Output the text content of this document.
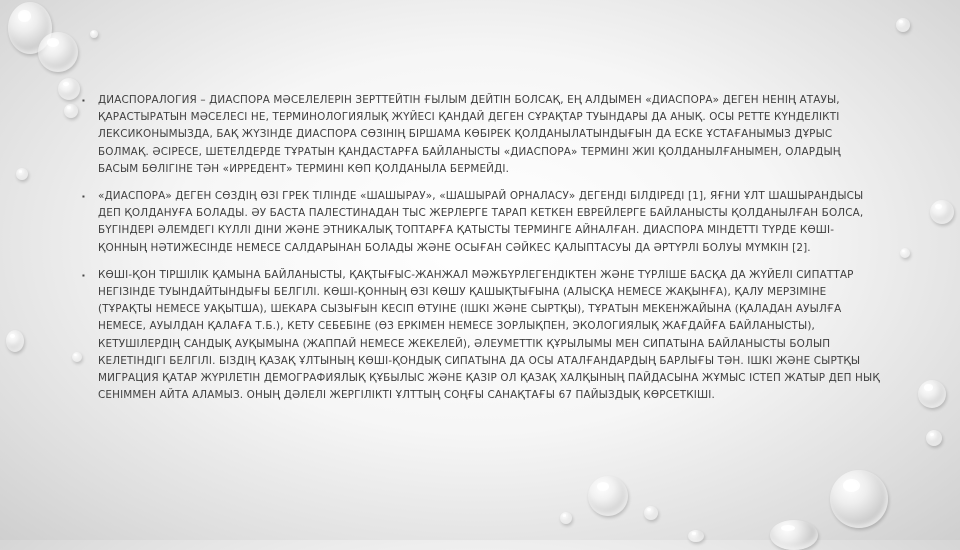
▪	ДИАСПОРАЛОГИЯ – ДИАСПОРА МӘСЕЛЕЛЕРІН ЗЕРТТЕЙТІН ҒЫЛЫМ ДЕЙТІН БОЛСАҚ, ЕҢ АЛДЫМЕН «ДИАСПОРА» ДЕГЕН НЕНІҢ АТАУЫ, ҚАРАСТЫРАТЫН МӘСЕЛЕСІ НЕ, ТЕРМИНОЛОГИЯЛЫҚ ЖҮЙЕСІ ҚАНДАЙ ДЕГЕН СҰРАҚТАР ТУЫНДАРЫ ДА АНЫҚ. ОСЫ РЕТТЕ КҮНДЕЛІКТІ ЛЕКСИКОНЫМЫЗДА, БАҚ ЖҮЗІНДЕ ДИАСПОРА СӨЗІНІҢ БІРШАМА КӨБІРЕК ҚОЛДАНЫЛАТЫНДЫҒЫН ДА ЕСКЕ ҰСТАҒАНЫМЫЗ ДҰРЫС БОЛМАҚ. ӘСІРЕСЕ, ШЕТЕЛДЕРДЕ ТҰРАТЫН ҚАНДАСТАРҒА БАЙЛАНЫСТЫ «ДИАСПОРА» ТЕРМИНІ ЖИІ ҚОЛДАНЫЛҒАНЫМЕН, ОЛАРДЫҢ БАСЫМ БӨЛІГІНЕ ТӘН «ИРРЕДЕНТ» ТЕРМИНІ КӨП ҚОЛДАНЫЛА БЕРМЕЙДІ.
▪	«ДИАСПОРА» ДЕГЕН СӨЗДІҢ ӨЗІ ГРЕК ТІЛІНДЕ «ШАШЫРАУ», «ШАШЫРАЙ ОРНАЛАСУ» ДЕГЕНДІ БІЛДІРЕДІ [1], ЯҒНИ ҰЛТ ШАШЫРАНДЫСЫ ДЕП ҚОЛДАНУҒА БОЛАДЫ. ӘУ БАСТА ПАЛЕСТИНАДАН ТЫС ЖЕРЛЕРГЕ ТАРАП КЕТКЕН ЕВРЕЙЛЕРГЕ БАЙЛАНЫСТЫ ҚОЛДАНЫЛҒАН БОЛСА, БҮГІНДЕРІ ӘЛЕМДЕГІ КҮЛЛІ ДІНИ ЖӘНЕ ЭТНИКАЛЫҚ ТОПТАРҒА ҚАТЫСТЫ ТЕРМИНГЕ АЙНАЛҒАН. ДИАСПОРА МІНДЕТТІ ТҮРДЕ КӨШІ-ҚОННЫҢ НӘТИЖЕСІНДЕ НЕМЕСЕ САЛДАРЫНАН БОЛАДЫ ЖӘНЕ ОСЫҒАН СӘЙКЕС ҚАЛЫПТАСУЫ ДА ӘРТҮРЛІ БОЛУЫ МҮМКІН [2].
▪	КӨШІ-ҚОН ТІРШІЛІК ҚАМЫНА БАЙЛАНЫСТЫ, ҚАҚТЫҒЫС-ЖАНЖАЛ МӘЖБҮРЛЕГЕНДІКТЕН ЖӘНЕ ТҮРЛІШЕ БАСҚА ДА ЖҮЙЕЛІ СИПАТТАР НЕГІЗІНДЕ ТУЫНДАЙТЫНДЫҒЫ БЕЛГІЛІ. КӨШІ-ҚОННЫҢ ӨЗІ КӨШУ ҚАШЫҚТЫҒЫНА (АЛЫСҚА НЕМЕСЕ ЖАҚЫНҒА), ҚАЛУ МЕРЗІМІНЕ (ТҰРАҚТЫ НЕМЕСЕ УАҚЫТША), ШЕКАРА СЫЗЫҒЫН КЕСІП ӨТУІНЕ (ІШКІ ЖӘНЕ СЫРТҚЫ), ТҰРАТЫН МЕКЕНЖАЙЫНА (ҚАЛАДАН АУЫЛҒА НЕМЕСЕ, АУЫЛДАН ҚАЛАҒА Т.Б.), КЕТУ СЕБЕБІНЕ (ӨЗ ЕРКІМЕН НЕМЕСЕ ЗОРЛЫҚПЕН, ЭКОЛОГИЯЛЫҚ ЖАҒДАЙҒА БАЙЛАНЫСТЫ), КЕТУШІЛЕРДІҢ САНДЫҚ АУҚЫМЫНА (ЖАППАЙ НЕМЕСЕ ЖЕКЕЛЕЙ), ӘЛЕУМЕТТІК ҚҰРЫЛЫМЫ МЕН СИПАТЫНА БАЙЛАНЫСТЫ БОЛЫП КЕЛЕТІНДІГІ БЕЛГІЛІ. БІЗДІҢ ҚАЗАҚ ҰЛТЫНЫҢ КӨШІ-ҚОНДЫҚ СИПАТЫНА ДА ОСЫ АТАЛҒАНДАРДЫҢ БАРЛЫҒЫ ТӘН. ІШКІ ЖӘНЕ СЫРТҚЫ МИГРАЦИЯ ҚАТАР ЖҮРІЛЕТІН ДЕМОГРАФИЯЛЫҚ ҚҰБЫЛЫС ЖӘНЕ ҚАЗІР ОЛ ҚАЗАҚ ХАЛҚЫНЫҢ ПАЙДАСЫНА ЖҰМЫС ІСТЕП ЖАТЫР ДЕП НЫҚ СЕНІММЕН АЙТА АЛАМЫЗ. ОНЫҢ ДӘЛЕЛІ ЖЕРГІЛІКТІ ҰЛТТЫҢ СОҢҒЫ САНАҚТАҒЫ 67 ПАЙЫЗДЫҚ КӨРСЕТКІШІ.
